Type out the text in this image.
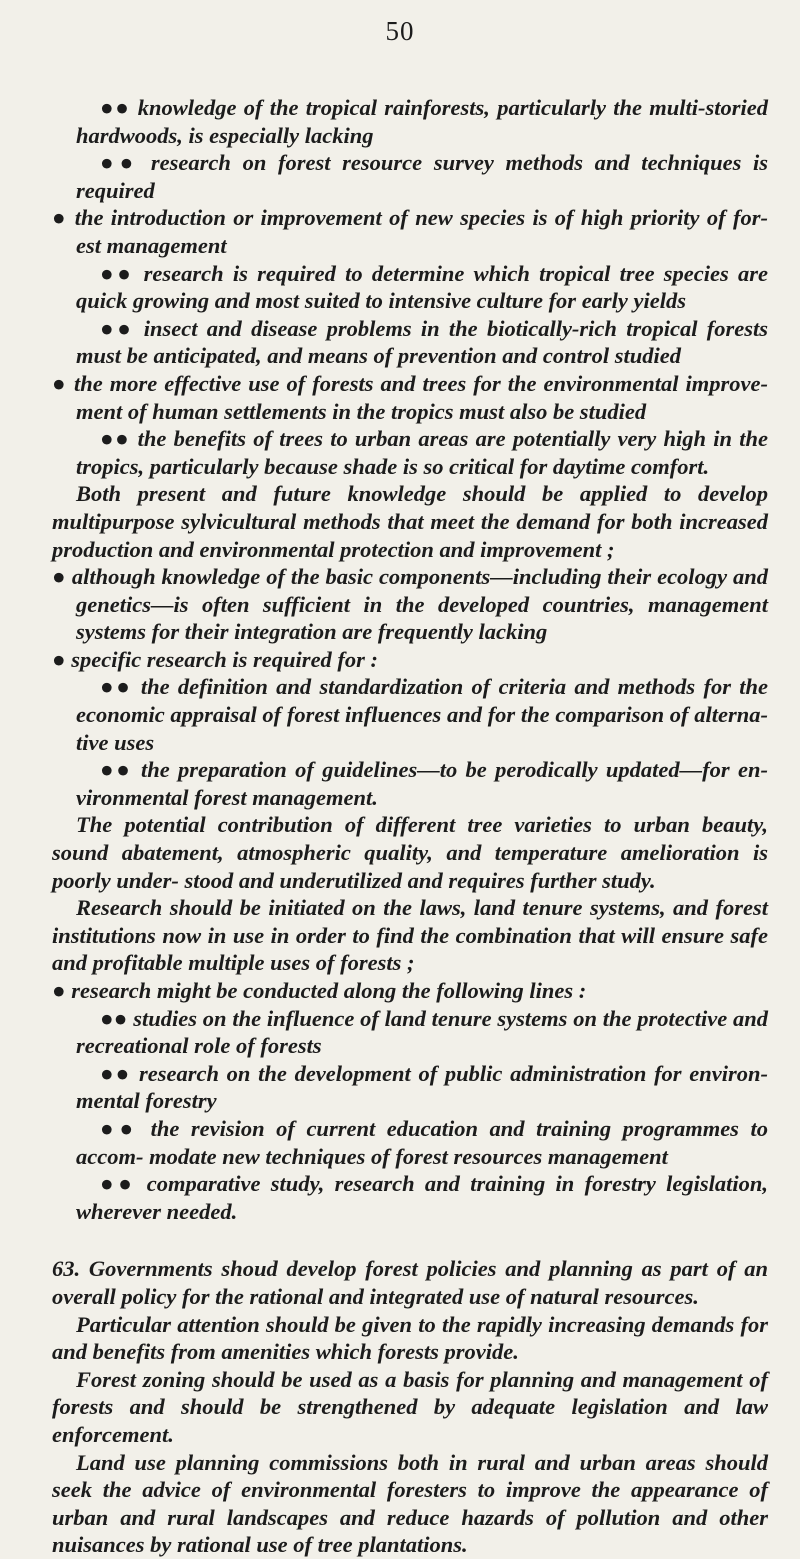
50

●● knowledge of the tropical rainforests, particularly the multi-storied hardwoods, is especially lacking

●● research on forest resource survey methods and techniques is required

● the introduction or improvement of new species is of high priority of for- est management

●● research is required to determine which tropical tree species are quick growing and most suited to intensive culture for early yields

●● insect and disease problems in the biotically-rich tropical forests must be anticipated, and means of prevention and control studied

● the more effective use of forests and trees for the environmental improve- ment of human settlements in the tropics must also be studied

●● the benefits of trees to urban areas are potentially very high in the tropics, particularly because shade is so critical for daytime comfort.

Both present and future knowledge should be applied to develop multipurpose sylvicultural methods that meet the demand for both increased production and environmental protection and improvement ;

● although knowledge of the basic components—including their ecology and genetics—is often sufficient in the developed countries, management systems for their integration are frequently lacking

● specific research is required for :

●● the definition and standardization of criteria and methods for the economic appraisal of forest influences and for the comparison of alterna- tive uses

●● the preparation of guidelines—to be perodically updated—for en- vironmental forest management.

The potential contribution of different tree varieties to urban beauty, sound abatement, atmospheric quality, and temperature amelioration is poorly under- stood and underutilized and requires further study.

Research should be initiated on the laws, land tenure systems, and forest institutions now in use in order to find the combination that will ensure safe and profitable multiple uses of forests ;

● research might be conducted along the following lines :

●● studies on the influence of land tenure systems on the protective and recreational role of forests

●● research on the development of public administration for environ- mental forestry

●● the revision of current education and training programmes to accom- modate new techniques of forest resources management

●● comparative study, research and training in forestry legislation, wherever needed.

63. Governments shoud develop forest policies and planning as part of an overall policy for the rational and integrated use of natural resources.

Particular attention should be given to the rapidly increasing demands for and benefits from amenities which forests provide.

Forest zoning should be used as a basis for planning and management of forests and should be strengthened by adequate legislation and law enforcement.

Land use planning commissions both in rural and urban areas should seek the advice of environmental foresters to improve the appearance of urban and rural landscapes and reduce hazards of pollution and other nuisances by rational use of tree plantations.
